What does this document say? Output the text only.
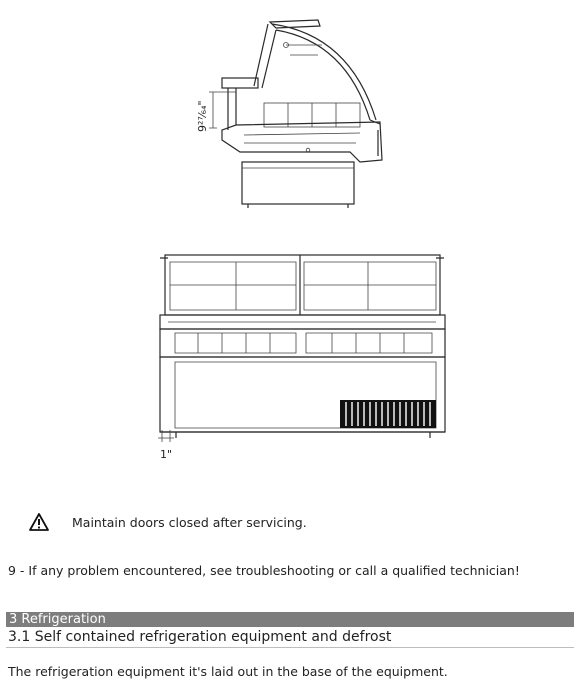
9²⁷⁄₆₄"
1"
Maintain doors closed after servicing.
9 - If any problem encountered, see troubleshooting or call a qualified technician!
3 Refrigeration
3.1 Self contained refrigeration equipment and defrost
The refrigeration equipment it's laid out in the base of the equipment.
